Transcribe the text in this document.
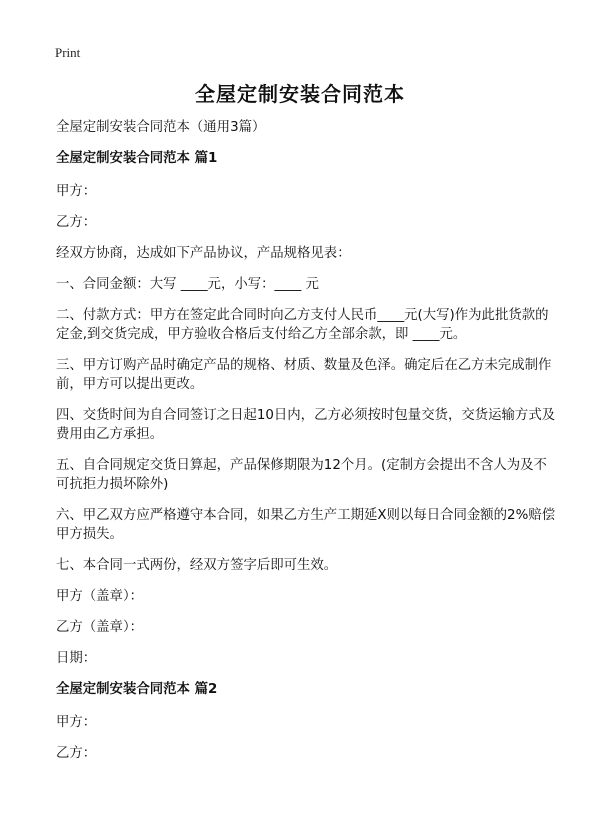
Print
全屋定制安装合同范本

全屋定制安装合同范本（通用3篇）

全屋定制安装合同范本 篇1

甲方：

乙方：

经双方协商，达成如下产品协议，产品规格见表：

一、合同金额：大写 ____元，小写：____ 元

二、付款方式：甲方在签定此合同时向乙方支付人民币____元(大写)作为此批货款的定金,到交货完成，甲方验收合格后支付给乙方全部余款，即 ____元。

三、甲方订购产品时确定产品的规格、材质、数量及色泽。确定后在乙方未完成制作前，甲方可以提出更改。

四、交货时间为自合同签订之日起10日内，乙方必须按时包量交货，交货运输方式及费用由乙方承担。

五、自合同规定交货日算起，产品保修期限为12个月。(定制方会提出不含人为及不可抗拒力损坏除外)

六、甲乙双方应严格遵守本合同，如果乙方生产工期延X则以每日合同金额的2%赔偿甲方损失。

七、本合同一式两份，经双方签字后即可生效。

甲方（盖章）：

乙方（盖章）：

日期：

全屋定制安装合同范本 篇2

甲方：

乙方：
